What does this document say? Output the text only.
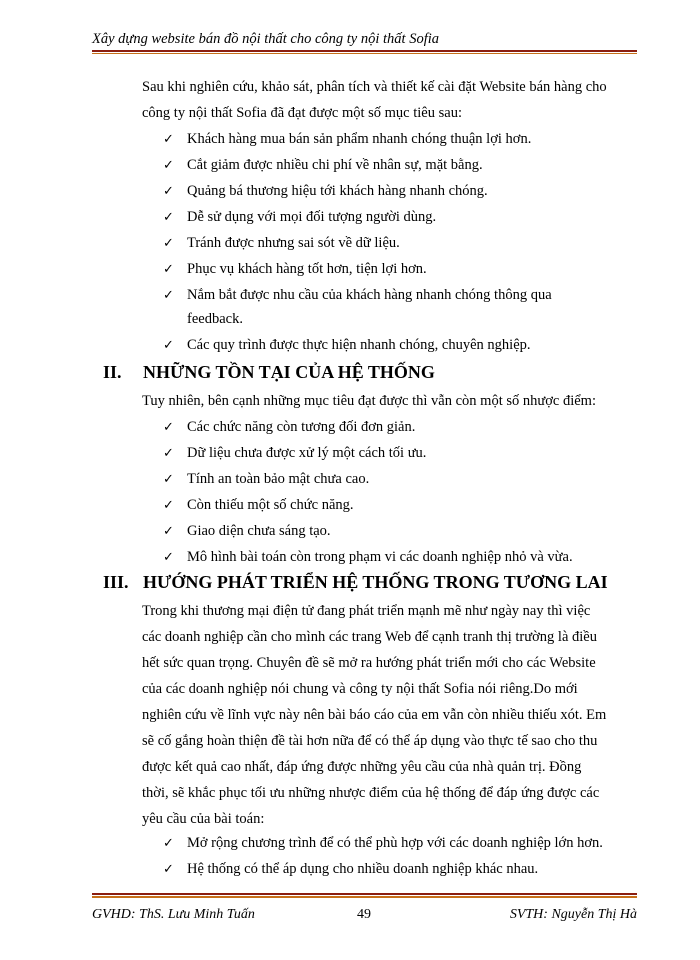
Xây dựng website bán đồ nội thất cho công ty nội thất Sofia
Sau khi nghiên cứu, khảo sát, phân tích và thiết kế cài đặt Website bán hàng cho công ty nội thất Sofia đã đạt được một số mục tiêu sau:
✓ Khách hàng mua bán sản phẩm nhanh chóng thuận lợi hơn.
✓ Cắt giảm được nhiều chi phí về nhân sự, mặt bằng.
✓ Quảng bá thương hiệu tới khách hàng nhanh chóng.
✓ Dễ sử dụng với mọi đối tượng người dùng.
✓ Tránh được nhưng sai sót về dữ liệu.
✓ Phục vụ khách hàng tốt hơn, tiện lợi hơn.
✓ Nắm bắt được nhu cầu của khách hàng nhanh chóng thông qua
feedback.
✓ Các quy trình được thực hiện nhanh chóng, chuyên nghiệp.
II. NHỮNG TỒN TẠI CỦA HỆ THỐNG
Tuy nhiên, bên cạnh những mục tiêu đạt được thì vẫn còn một số nhược điểm:
✓ Các chức năng còn tương đối đơn giản.
✓ Dữ liệu chưa được xử lý một cách tối ưu.
✓ Tính an toàn bảo mật chưa cao.
✓ Còn thiếu một số chức năng.
✓ Giao diện chưa sáng tạo.
✓ Mô hình bài toán còn trong phạm vi các doanh nghiệp nhỏ và vừa.
III. HƯỚNG PHÁT TRIỂN HỆ THỐNG TRONG TƯƠNG LAI
Trong khi thương mại điện tử đang phát triển mạnh mẽ như ngày nay thì việc
các doanh nghiệp cần cho mình các trang Web để cạnh tranh thị trường là điều
hết sức quan trọng. Chuyên đề sẽ mở ra hướng phát triển mới cho các Website
của các doanh nghiệp nói chung và công ty nội thất Sofia nói riêng.Do mới
nghiên cứu về lĩnh vực này nên bài báo cáo của em vẫn còn nhiều thiếu xót. Em
sẽ cố gắng hoàn thiện đề tài hơn nữa để có thể áp dụng vào thực tế sao cho thu
được kết quả cao nhất, đáp ứng được những yêu cầu của nhà quản trị. Đồng
thời, sẽ khắc phục tối ưu những nhược điểm của hệ thống để đáp ứng được các
yêu cầu của bài toán:
✓ Mở rộng chương trình để có thể phù hợp với các doanh nghiệp lớn hơn.
✓ Hệ thống có thể áp dụng cho nhiều doanh nghiệp khác nhau.
GVHD: ThS. Lưu Minh Tuấn	49	SVTH: Nguyễn Thị Hà
